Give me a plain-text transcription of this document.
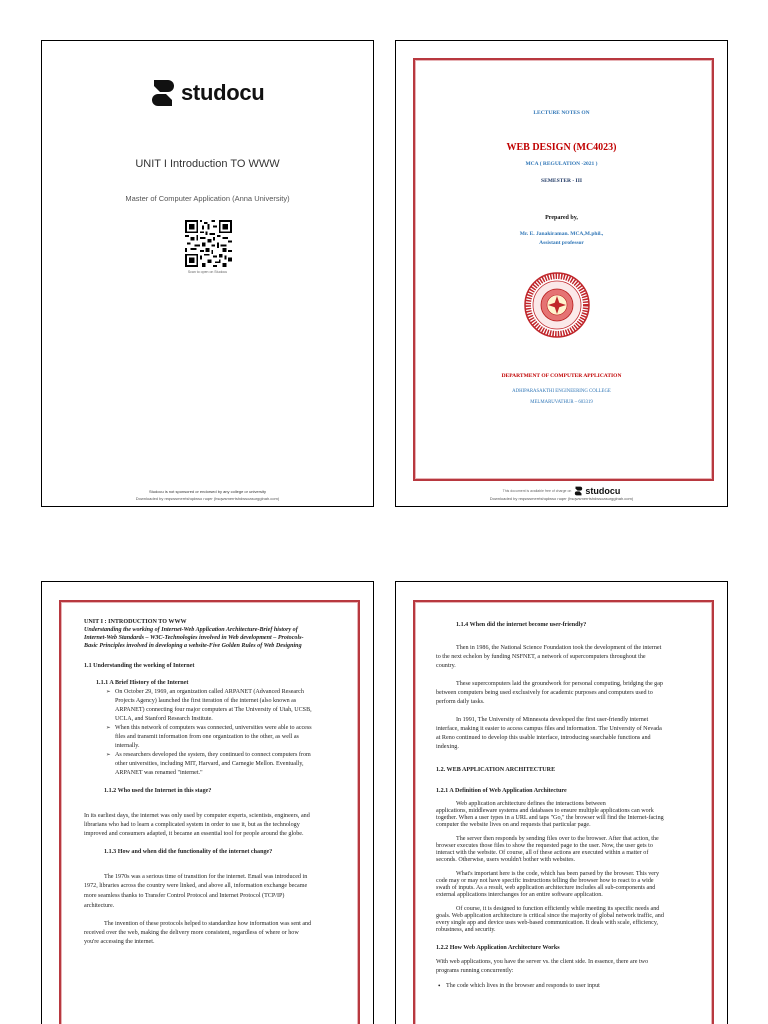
studocu
UNIT I Introduction TO WWW
Master of Computer Application (Anna University)
Scan to open on Studocu
Studocu is not sponsored or endorsed by any college or university
Downloaded by reqswsmerrtshqdwso ruqer (hsqwsmerrtshdwsoasurgglnah.com)
LECTURE NOTES ON
WEB DESIGN (MC4023)
MCA ( REGULATION -2021 )
SEMESTER - III
Prepared by,
Mr. E. Janakiraman. MCA,M.phil.,
Assistant professor
DEPARTMENT OF COMPUTER APPLICATION
ADHIPARASAKTHI ENGINEERING COLLEGE
MELMARUVATHUR – 603319
This document is available free of charge on studocu
Downloaded by reqswsmerrtshqdwso ruqer (hsqwsmerrtshdwsoasurgglnah.com)
UNIT I : INTRODUCTION TO WWW
Understanding the working of Internet-Web Application Architecture-Brief history of
Internet-Web Standards – W3C-Technologies involved in Web development – Protocols-
Basic Principles involved in developing a website-Five Golden Rules of Web Designing
1.1 Understanding the working of Internet
1.1.1 A Brief History of the Internet
➢ On October 29, 1969, an organization called ARPANET (Advanced Research
Projects Agency) launched the first iteration of the internet (also known as
ARPANET) connecting four major computers at The University of Utah, UCSB,
UCLA, and Stanford Research Institute.
➢ When this network of computers was connected, universities were able to access
files and transmit information from one organization to the other, as well as
internally.
➢ As researchers developed the system, they continued to connect computers from
other universities, including MIT, Harvard, and Carnegie Mellon. Eventually,
ARPANET was renamed "internet."
1.1.2 Who used the Internet in this stage?
In its earliest days, the internet was only used by computer experts, scientists, engineers, and
librarians who had to learn a complicated system in order to use it, but as the technology
improved and consumers adapted, it became an essential tool for people around the globe.
1.1.3 How and when did the functionality of the internet change?
The 1970s was a serious time of transition for the internet. Email was introduced in
1972, libraries across the country were linked, and above all, information exchange became
more seamless thanks to Transfer Control Protocol and Internet Protocol (TCP/IP)
architecture.
The invention of these protocols helped to standardize how information was sent and
received over the web, making the delivery more consistent, regardless of where or how
you're accessing the internet.
1.1.4 When did the internet become user-friendly?
Then in 1986, the National Science Foundation took the development of the internet
to the next echelon by funding NSFNET, a network of supercomputers throughout the
country.
These supercomputers laid the groundwork for personal computing, bridging the gap
between computers being used exclusively for academic purposes and computers used to
perform daily tasks.
In 1991, The University of Minnesota developed the first user-friendly internet
interface, making it easier to access campus files and information. The University of Nevada
at Reno continued to develop this usable interface, introducing searchable functions and
indexing.
1.2. WEB APPLICATION ARCHITECTURE
1.2.1 A Definition of Web Application Architecture
Web application architecture defines the interactions between
applications, middleware systems and databases to ensure multiple applications can work
together. When a user types in a URL and taps "Go," the browser will find the Internet-facing
computer the website lives on and requests that particular page.
The server then responds by sending files over to the browser. After that action, the
browser executes those files to show the requested page to the user. Now, the user gets to
interact with the website. Of course, all of these actions are executed within a matter of
seconds. Otherwise, users wouldn't bother with websites.
What's important here is the code, which has been parsed by the browser. This very
code may or may not have specific instructions telling the browser how to react to a wide
swath of inputs. As a result, web application architecture includes all sub-components and
external applications interchanges for an entire software application.
Of course, it is designed to function efficiently while meeting its specific needs and
goals. Web application architecture is critical since the majority of global network traffic, and
every single app and device uses web-based communication. It deals with scale, efficiency,
robustness, and security.
1.2.2 How Web Application Architecture Works
With web applications, you have the server vs. the client side. In essence, there are two
programs running concurrently:
• The code which lives in the browser and responds to user input
